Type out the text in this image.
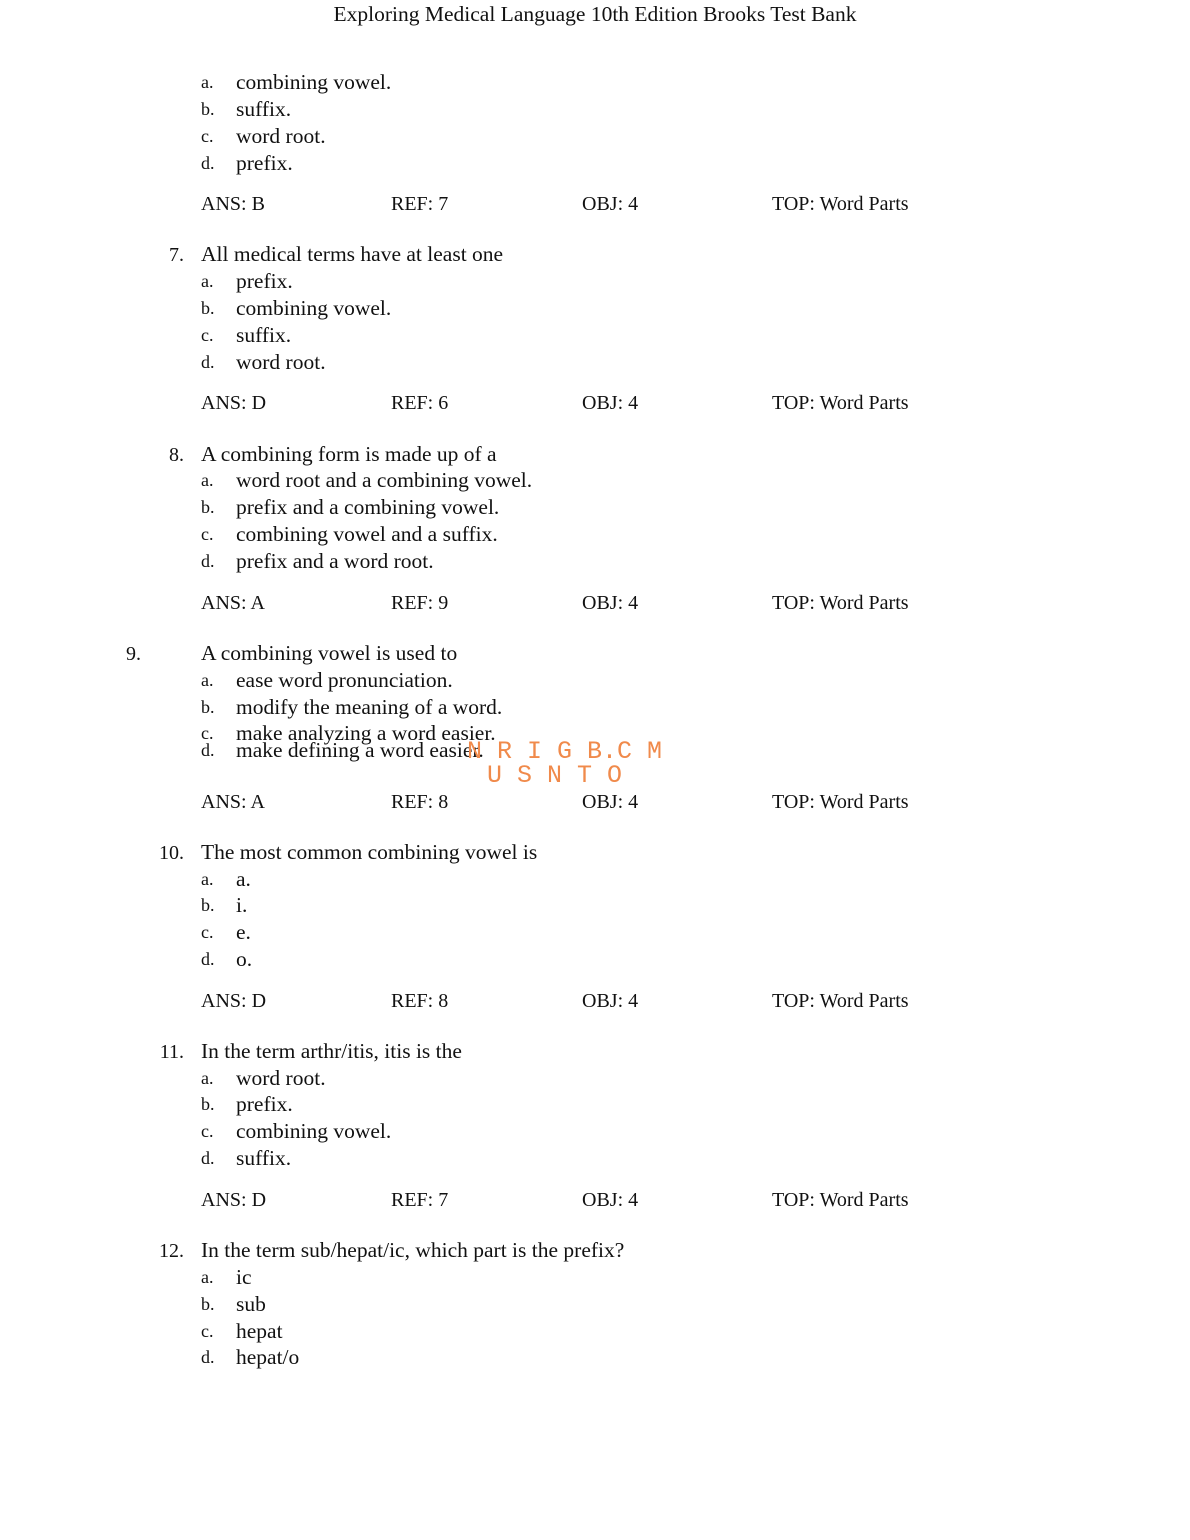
Exploring Medical Language 10th Edition Brooks Test Bank
a. combining vowel.
b. suffix.
c. word root.
d. prefix.
ANS: B	REF: 7	OBJ: 4	TOP: Word Parts
7. All medical terms have at least one
a. prefix.
b. combining vowel.
c. suffix.
d. word root.
ANS: D	REF: 6	OBJ: 4	TOP: Word Parts
8. A combining form is made up of a
a. word root and a combining vowel.
b. prefix and a combining vowel.
c. combining vowel and a suffix.
d. prefix and a word root.
ANS: A	REF: 9	OBJ: 4	TOP: Word Parts
9.	A combining vowel is used to
a. ease word pronunciation.
b. modify the meaning of a word.
c. make analyzing a word easier.
d. make defining a word easier.
ANS: A	REF: 8	OBJ: 4	TOP: Word Parts
N R I G B.C M
U S N T O
10. The most common combining vowel is
a. a.
b. i.
c. e.
d. o.
ANS: D	REF: 8	OBJ: 4	TOP: Word Parts
11. In the term arthr/itis, itis is the
a. word root.
b. prefix.
c. combining vowel.
d. suffix.
ANS: D	REF: 7	OBJ: 4	TOP: Word Parts
12. In the term sub/hepat/ic, which part is the prefix?
a. ic
b. sub
c. hepat
d. hepat/o
